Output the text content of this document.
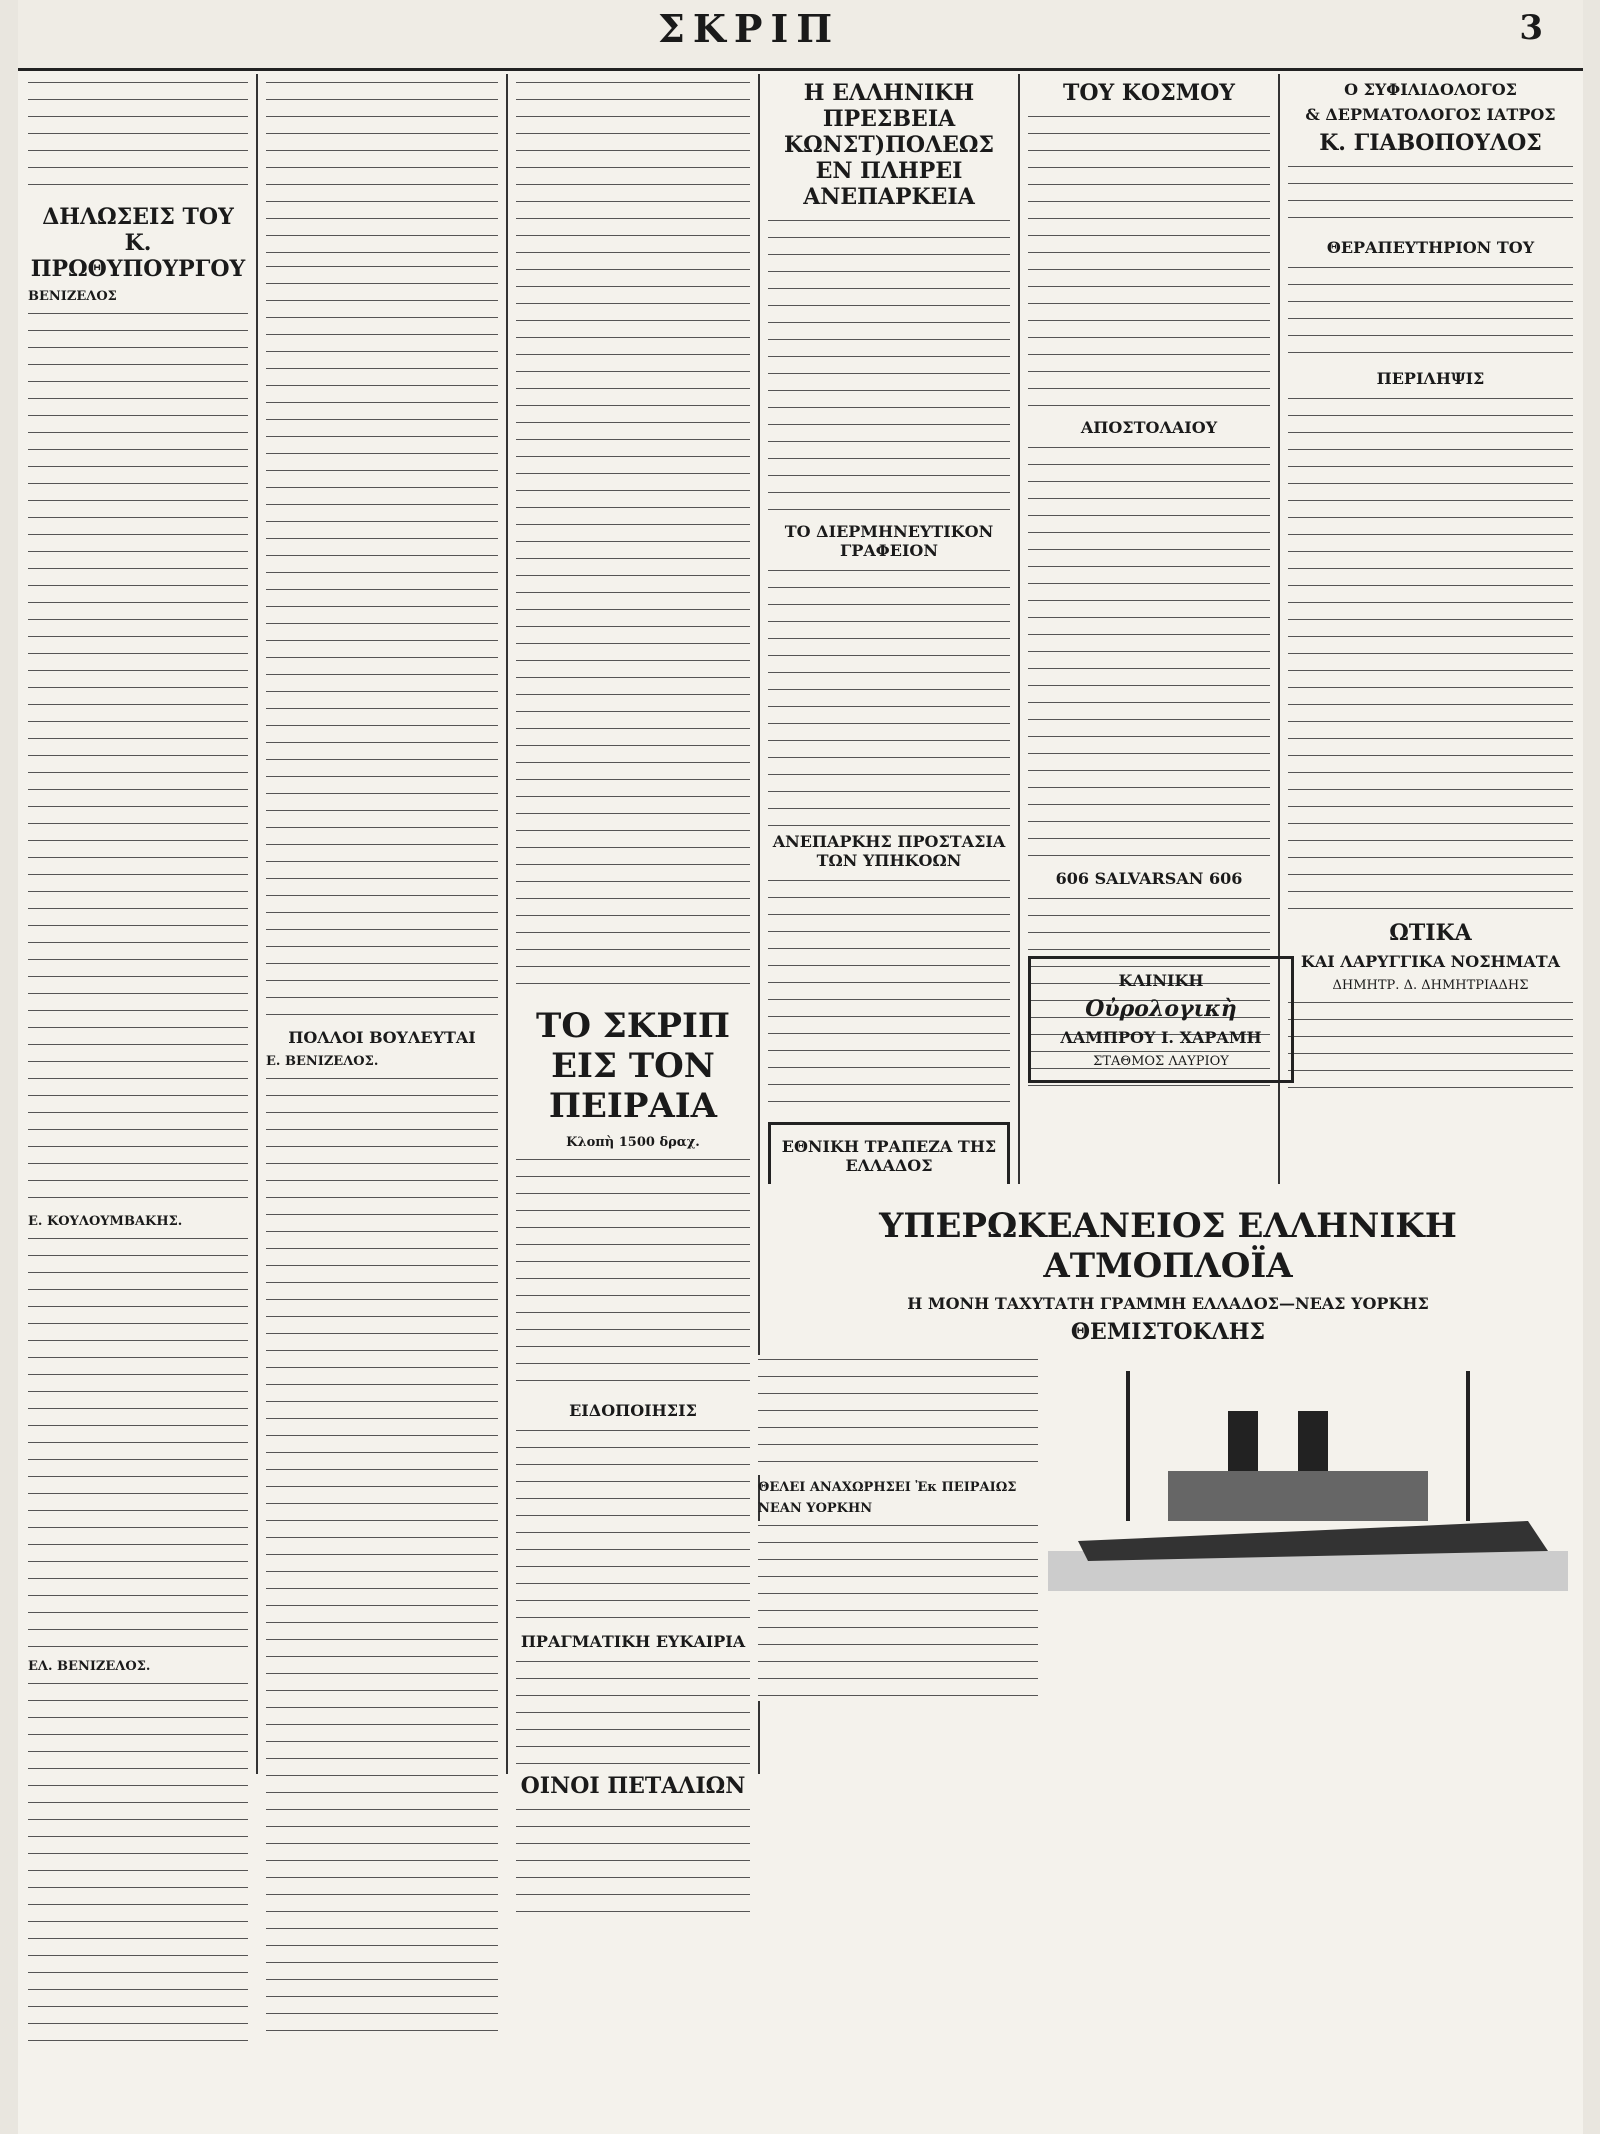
ΣΚΡΙΠ	3
ΔΗΛΩΣΕΙΣ ΤΟΥ Κ. ΠΡΩΘΥΠΟΥΡΓΟΥ
ΒΕΝΙΖΕΛΟΣ
Ε. ΚΟΥΛΟΥΜΒΑΚΗΣ.
ΕΛ. ΒΕΝΙΖΕΛΟΣ.
ΠΟΛΛΟΙ ΒΟΥΛΕΥΤΑΙ
Ε. ΒΕΝΙΖΕΛΟΣ.
ΤΟ ΣΚΡΙΠ ΕΙΣ ΤΟΝ ΠΕΙΡΑΙΑ
Κλοπὴ 1500 δραχ.
ΕΙΔΟΠΟΙΗΣΙΣ
ΠΡΑΓΜΑΤΙΚΗ ΕΥΚΑΙΡΙΑ
ΟΙΝΟΙ ΠΕΤΑΛΙΩΝ
Η ΕΛΛΗΝΙΚΗ ΠΡΕΣΒΕΙΑ ΚΩΝΣΤ)ΠΟΛΕΩΣ ΕΝ ΠΛΗΡΕΙ ΑΝΕΠΑΡΚΕΙΑ
ΤΟ ΔΙΕΡΜΗΝΕΥΤΙΚΟΝ ΓΡΑΦΕΙΟΝ
ΑΝΕΠΑΡΚΗΣ ΠΡΟΣΤΑΣΙΑ ΤΩΝ ΥΠΗΚΟΩΝ
ΕΘΝΙΚΗ ΤΡΑΠΕΖΑ ΤΗΣ ΕΛΛΑΔΟΣ
ΤΟΥ ΚΟΣΜΟΥ
ΑΠΟΣΤΟΛΑΙΟΥ
606 SALVARSAN 606
Ο ΣΥΦΙΛΙΔΟΛΟΓΟΣ
& ΔΕΡΜΑΤΟΛΟΓΟΣ ΙΑΤΡΟΣ
Κ. ΓΙΑΒΟΠΟΥΛΟΣ
ΘΕΡΑΠΕΥΤΗΡΙΟΝ ΤΟΥ
ΠΕΡΙΛΗΨΙΣ
ΩΤΙΚΑ
ΚΑΙ ΛΑΡΥΓΓΙΚΑ ΝΟΣΗΜΑΤΑ
ΔΗΜΗΤΡ. Δ. ΔΗΜΗΤΡΙΑΔΗΣ
ΚΛΙΝΙΚΗ
Οὐρολογικὴ
ΛΑΜΠΡΟΥ Ι. ΧΑΡΑΜΗ
ΣΤΑΘΜΟΣ ΛΑΥΡΙΟΥ
ΥΠΕΡΩΚΕΑΝΕΙΟΣ ΕΛΛΗΝΙΚΗ ΑΤΜΟΠΛΟΪΑ
Η ΜΟΝΗ ΤΑΧΥΤΑΤΗ ΓΡΑΜΜΗ ΕΛΛΑΔΟΣ—ΝΕΑΣ ΥΟΡΚΗΣ
ΘΕΜΙΣΤΟΚΛΗΣ
ΘΕΛΕΙ ΑΝΑΧΩΡΗΣΕΙ Ἐκ ΠΕΙΡΑΙΩΣ
ΝΕΑΝ ΥΟΡΚΗΝ
